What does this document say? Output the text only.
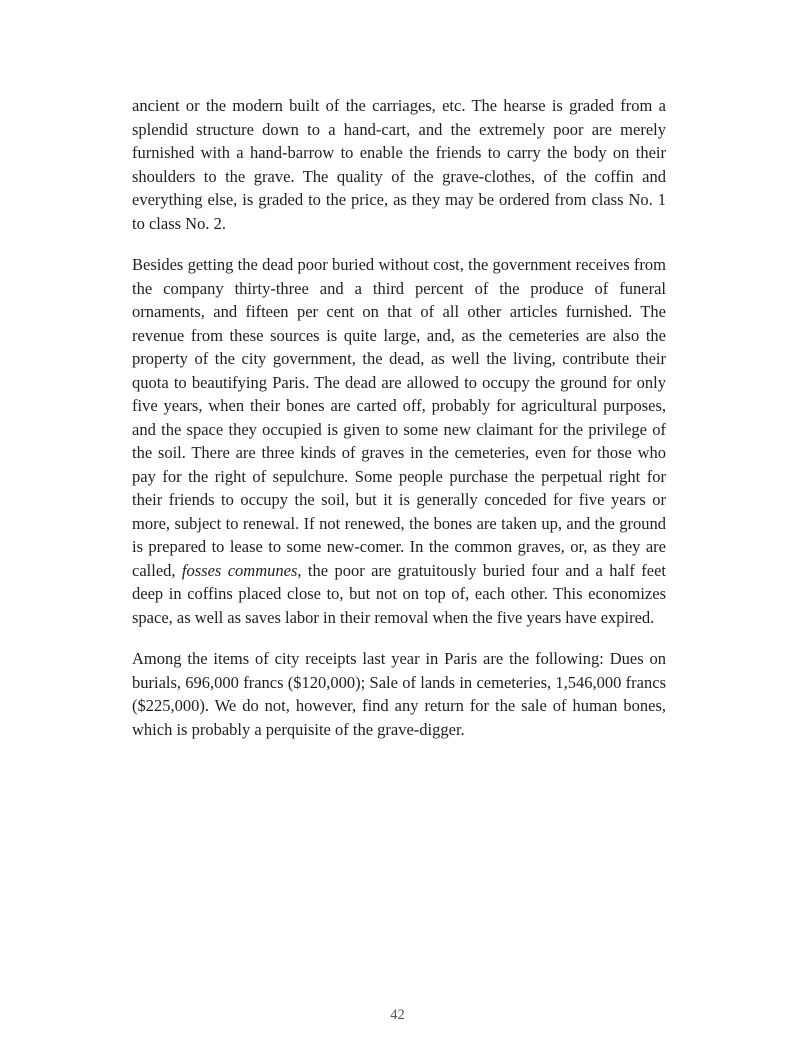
ancient or the modern built of the carriages, etc. The hearse is graded from a splendid structure down to a hand-cart, and the extremely poor are merely furnished with a hand-barrow to enable the friends to carry the body on their shoulders to the grave. The quality of the grave-clothes, of the coffin and everything else, is graded to the price, as they may be ordered from class No. 1 to class No. 2.

Besides getting the dead poor buried without cost, the government receives from the company thirty-three and a third percent of the produce of funeral ornaments, and fifteen per cent on that of all other articles furnished. The revenue from these sources is quite large, and, as the cemeteries are also the property of the city government, the dead, as well the living, contribute their quota to beautifying Paris. The dead are allowed to occupy the ground for only five years, when their bones are carted off, probably for agricultural purposes, and the space they occupied is given to some new claimant for the privilege of the soil. There are three kinds of graves in the cemeteries, even for those who pay for the right of sepulchure. Some people purchase the perpetual right for their friends to occupy the soil, but it is generally conceded for five years or more, subject to renewal. If not renewed, the bones are taken up, and the ground is prepared to lease to some new-comer. In the common graves, or, as they are called, fosses communes, the poor are gratuitously buried four and a half feet deep in coffins placed close to, but not on top of, each other. This economizes space, as well as saves labor in their removal when the five years have expired.

Among the items of city receipts last year in Paris are the following: Dues on burials, 696,000 francs ($120,000); Sale of lands in cemeteries, 1,546,000 francs ($225,000). We do not, however, find any return for the sale of human bones, which is probably a perquisite of the grave-digger.

42
